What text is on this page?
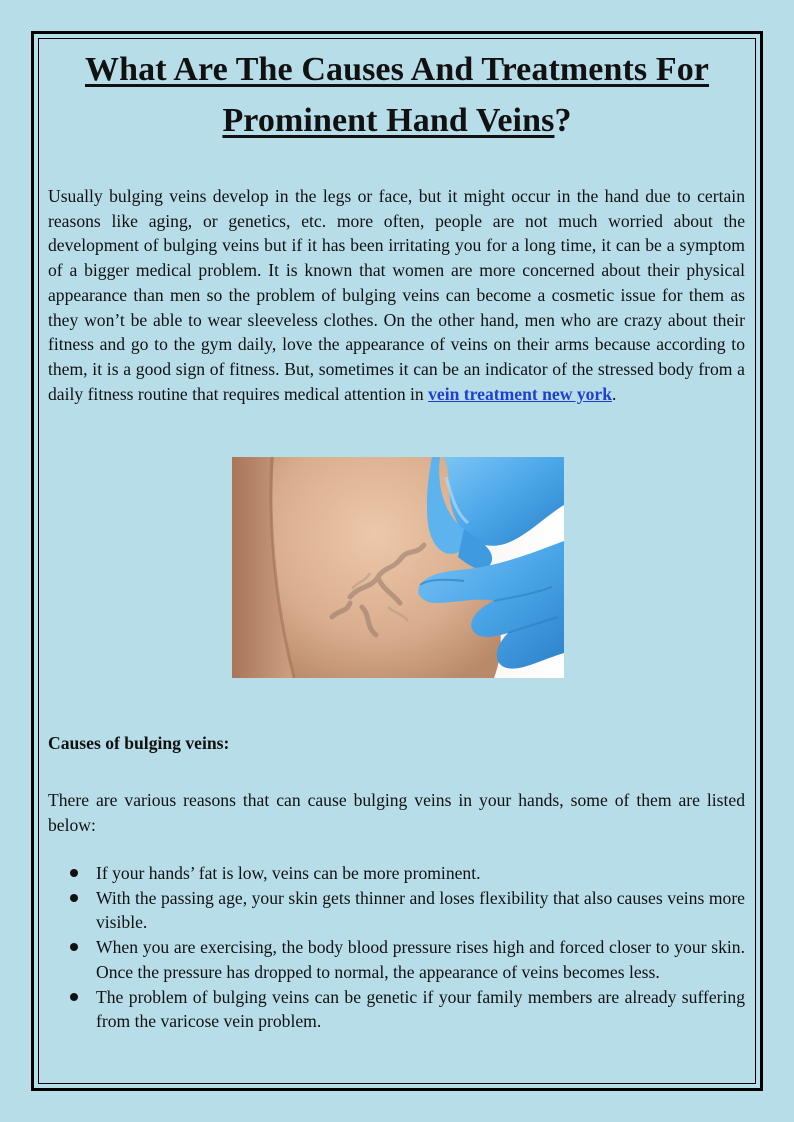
What Are The Causes And Treatments For
Prominent Hand Veins?

Usually bulging veins develop in the legs or face, but it might occur in the hand due to certain reasons like aging, or genetics, etc. more often, people are not much worried about the development of bulging veins but if it has been irritating you for a long time, it can be a symptom of a bigger medical problem. It is known that women are more concerned about their physical appearance than men so the problem of bulging veins can become a cosmetic issue for them as they won’t be able to wear sleeveless clothes. On the other hand, men who are crazy about their fitness and go to the gym daily, love the appearance of veins on their arms because according to them, it is a good sign of fitness. But, sometimes it can be an indicator of the stressed body from a daily fitness routine that requires medical attention in vein treatment new york.

Causes of bulging veins:

There are various reasons that can cause bulging veins in your hands, some of them are listed below:

If your hands’ fat is low, veins can be more prominent.
With the passing age, your skin gets thinner and loses flexibility that also causes veins more visible.
When you are exercising, the body blood pressure rises high and forced closer to your skin. Once the pressure has dropped to normal, the appearance of veins becomes less.
The problem of bulging veins can be genetic if your family members are already suffering from the varicose vein problem.
